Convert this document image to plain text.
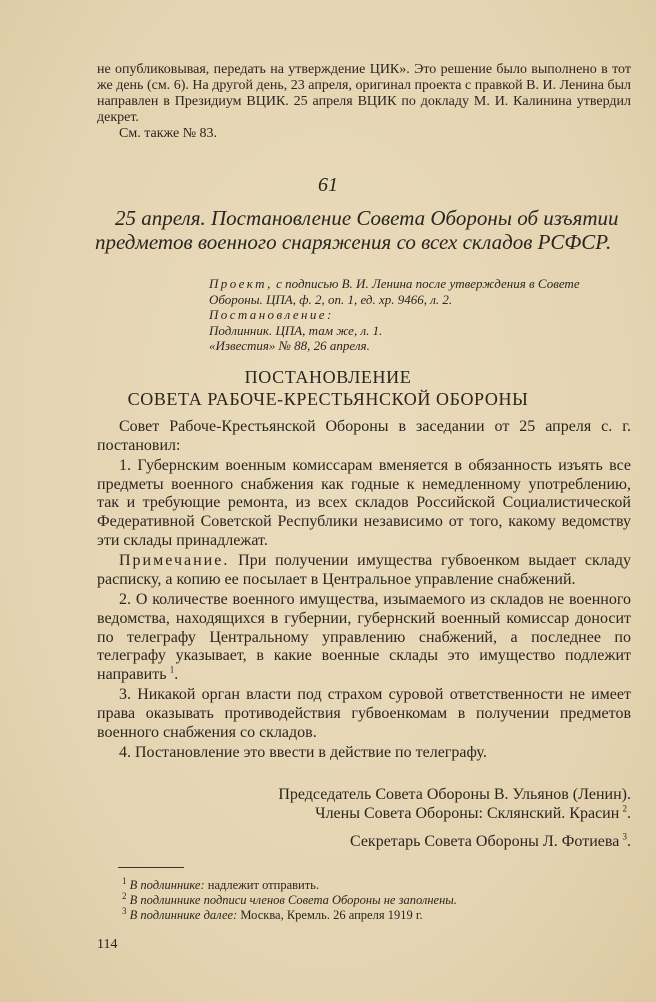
не опубликовывая, передать на утверждение ЦИК». Это решение было выполнено в тот же день (см. 6). На другой день, 23 апреля, оригинал проекта с правкой В. И. Ленина был направлен в Президиум ВЦИК. 25 апреля ВЦИК по докладу М. И. Калинина утвердил декрет.

См. также № 83.

61
25 апреля. Постановление Совета Обороны об изъятии предметов военного снаряжения со всех складов РСФСР.

Проект, с подписью В. И. Ленина после утверждения в Совете Обороны. ЦПА, ф. 2, оп. 1, ед. хр. 9466, л. 2.

Постановление:

Подлинник. ЦПА, там же, л. 1.

«Известия» № 88, 26 апреля.

ПОСТАНОВЛЕНИЕ
СОВЕТА РАБОЧЕ-КРЕСТЬЯНСКОЙ ОБОРОНЫ

Совет Рабоче-Крестьянской Обороны в заседании от 25 апреля с. г. постановил:

1. Губернским военным комиссарам вменяется в обязанность изъять все предметы военного снабжения как годные к немедленному употреблению, так и требующие ремонта, из всех складов Российской Социалистической Федеративной Советской Республики независимо от того, какому ведомству эти склады принадлежат.

Примечание. При получении имущества губвоенком выдает складу расписку, а копию ее посылает в Центральное управление снабжений.

2. О количестве военного имущества, изымаемого из складов не военного ведомства, находящихся в губернии, губернский военный комиссар доносит по телеграфу Центральному управлению снабжений, а последнее по телеграфу указывает, в какие военные склады это имущество подлежит направить  $^1$.

3. Никакой орган власти под страхом суровой ответственности не имеет права оказывать противодействия губвоенкомам в получении предметов военного снабжения со складов.

4. Постановление это ввести в действие по телеграфу.

Председатель Совета Обороны В. Ульянов (Ленин).
Члены Совета Обороны: Склянский. Красин  $^2$.
Секретарь Совета Обороны Л. Фотиева  $^3$.

$^1$ В подлиннике: надлежит отправить.

$^2$ В подлиннике подписи членов Совета Обороны не заполнены.

$^3$ В подлиннике далее: Москва, Кремль. 26 апреля 1919 г.

114
